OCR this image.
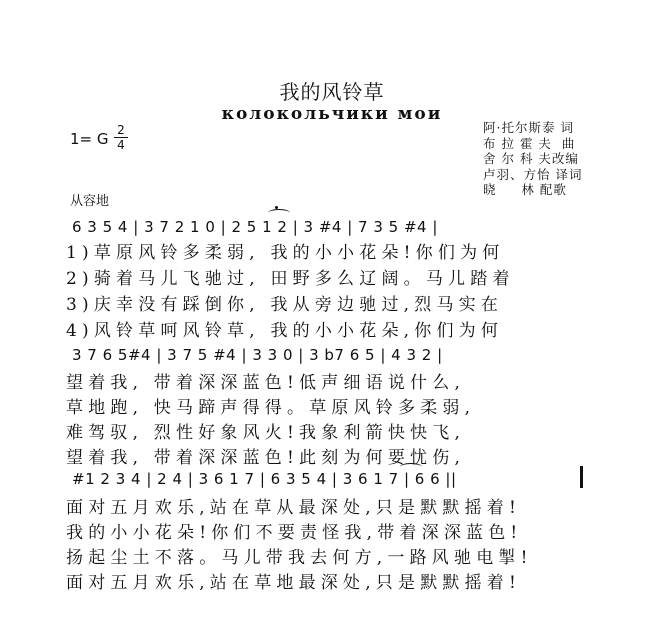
我的风铃草
колокольчики мои
1= G 2
4
从容地
阿·托尔斯泰 词
布 拉 霍 夫  曲
舍 尔 科 夫改编
卢羽、方怡 译词
晓     林 配歌
6 3 5 4 | 3 7 2 1 0 | 2 5 1 2 | 3 #4 | 7 3 5 #4 |
1)草原风铃多柔弱, 我的小小花朵!你们为何
2)骑着马儿飞驰过, 田野多么辽阔。马儿踏着
3)庆幸没有踩倒你, 我从旁边驰过,烈马实在
4)风铃草呵风铃草, 我的小小花朵,你们为何
3 7 6 5#4 | 3 7 5 #4 | 3 3 0 | 3 b7 6 5 | 4 3 2 |
望着我, 带着深深蓝色!低声细语说什么,
草地跑, 快马蹄声得得。草原风铃多柔弱,
难驾驭, 烈性好象风火!我象利箭快快飞,
望着我, 带着深深蓝色!此刻为何要忧伤,
#1 2 3 4 | 2 4 | 3 6 1 7 | 6 3 5 4 | 3 6 1 7 | 6 6 ||
面对五月欢乐,站在草从最深处,只是默默摇着!
我的小小花朵!你们不要责怪我,带着深深蓝色!
扬起尘土不落。马儿带我去何方,一路风驰电掣!
面对五月欢乐,站在草地最深处,只是默默摇着!
